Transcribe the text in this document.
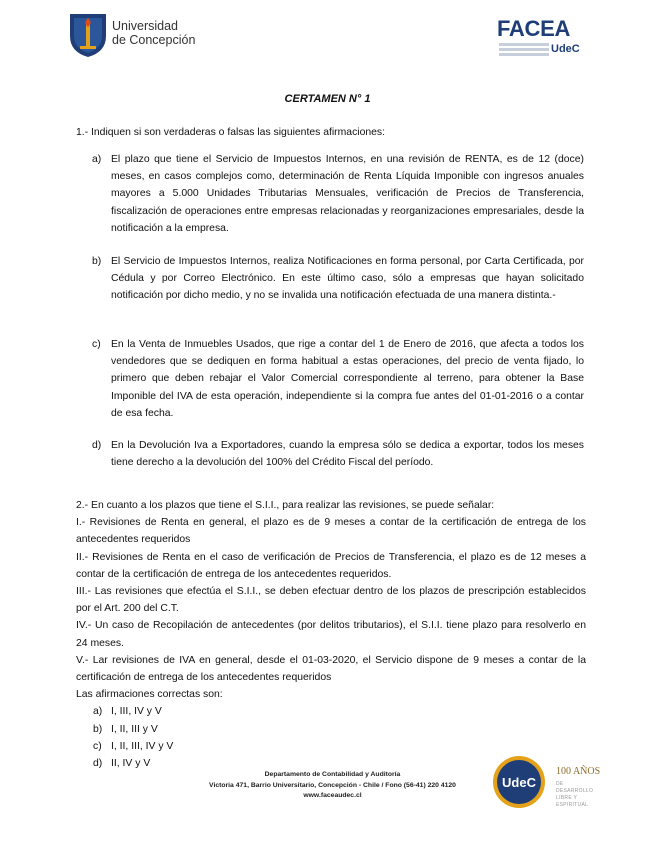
Universidad
de Concepción	FACEA
UdeC
CERTAMEN N° 1
1.- Indiquen si son verdaderas o falsas las siguientes afirmaciones:
a) El plazo que tiene el Servicio de Impuestos Internos, en una revisión de RENTA, es de 12 (doce) meses, en casos complejos como, determinación de Renta Líquida Imponible con ingresos anuales mayores a 5.000 Unidades Tributarias Mensuales, verificación de Precios de Transferencia, fiscalización de operaciones entre empresas relacionadas y reorganizaciones empresariales, desde la notificación a la empresa.
b) El Servicio de Impuestos Internos, realiza Notificaciones en forma personal, por Carta Certificada, por Cédula y por Correo Electrónico. En este último caso, sólo a empresas que hayan solicitado notificación por dicho medio, y no se invalida una notificación efectuada de una manera distinta.-
c) En la Venta de Inmuebles Usados, que rige a contar del 1 de Enero de 2016, que afecta a todos los vendedores que se dediquen en forma habitual a estas operaciones, del precio de venta fijado, lo primero que deben rebajar el Valor Comercial correspondiente al terreno, para obtener la Base Imponible del IVA de esta operación, independiente si la compra fue antes del 01-01-2016 o a contar de esa fecha.
d) En la Devolución Iva a Exportadores, cuando la empresa sólo se dedica a exportar, todos los meses tiene derecho a la devolución del 100% del Crédito Fiscal del período.

2.- En cuanto a los plazos que tiene el S.I.I., para realizar las revisiones, se puede señalar:

I.- Revisiones de Renta en general, el plazo es de 9 meses a contar de la certificación de entrega de los antecedentes requeridos

II.- Revisiones de Renta en el caso de verificación de Precios de Transferencia, el plazo es de 12 meses a contar de la certificación de entrega de los antecedentes requeridos.

III.- Las revisiones que efectúa el S.I.I., se deben efectuar dentro de los plazos de prescripción establecidos por el Art. 200 del C.T.

IV.- Un caso de Recopilación de antecedentes (por delitos tributarios), el S.I.I. tiene plazo para resolverlo en 24 meses.

V.- Lar revisiones de IVA en general, desde el 01-03-2020, el Servicio dispone de 9 meses a contar de la certificación de entrega de los antecedentes requeridos

Las afirmaciones correctas son:

a) I, III, IV y V
b) I, II, III y V
c) I, II, III, IV y V
d) II, IV y V
Departamento de Contabilidad y Auditoría
Victoria 471, Barrio Universitario, Concepción - Chile / Fono (56-41) 220 4120
www.faceaudec.cl
UdeC
100 AÑOS
DE
DESARROLLO
LIBRE Y
ESPIRITUAL
